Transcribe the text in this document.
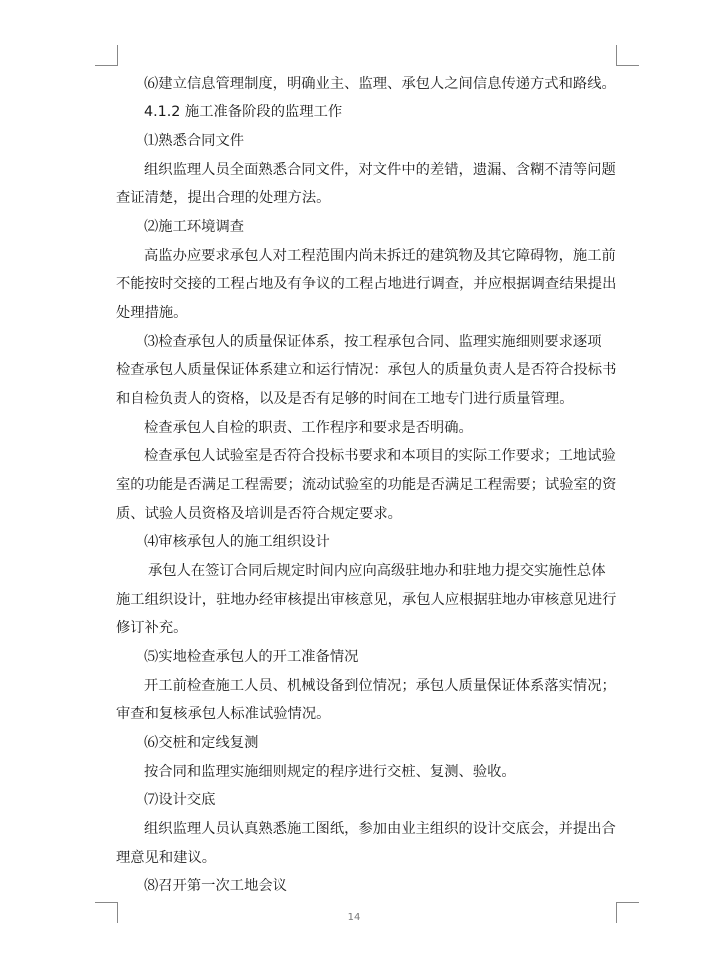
⑹建立信息管理制度，明确业主、监理、承包人之间信息传递方式和路线。
4.1.2 施工准备阶段的监理工作
⑴熟悉合同文件
组织监理人员全面熟悉合同文件，对文件中的差错，遗漏、含糊不清等问题
查证清楚，提出合理的处理方法。
⑵施工环境调查
高监办应要求承包人对工程范围内尚未拆迁的建筑物及其它障碍物，施工前
不能按时交接的工程占地及有争议的工程占地进行调查，并应根据调查结果提出
处理措施。
⑶检查承包人的质量保证体系，按工程承包合同、监理实施细则要求逐项
检查承包人质量保证体系建立和运行情况：承包人的质量负责人是否符合投标书
和自检负责人的资格，以及是否有足够的时间在工地专门进行质量管理。
检查承包人自检的职责、工作程序和要求是否明确。
检查承包人试验室是否符合投标书要求和本项目的实际工作要求；工地试验
室的功能是否满足工程需要；流动试验室的功能是否满足工程需要；试验室的资
质、试验人员资格及培训是否符合规定要求。
⑷审核承包人的施工组织设计
承包人在签订合同后规定时间内应向高级驻地办和驻地力提交实施性总体
施工组织设计，驻地办经审核提出审核意见，承包人应根据驻地办审核意见进行
修订补充。
⑸实地检查承包人的开工准备情况
开工前检查施工人员、机械设备到位情况；承包人质量保证体系落实情况；
审查和复核承包人标准试验情况。
⑹交桩和定线复测
按合同和监理实施细则规定的程序进行交桩、复测、验收。
⑺设计交底
组织监理人员认真熟悉施工图纸，参加由业主组织的设计交底会，并提出合
理意见和建议。
⑻召开第一次工地会议
14
